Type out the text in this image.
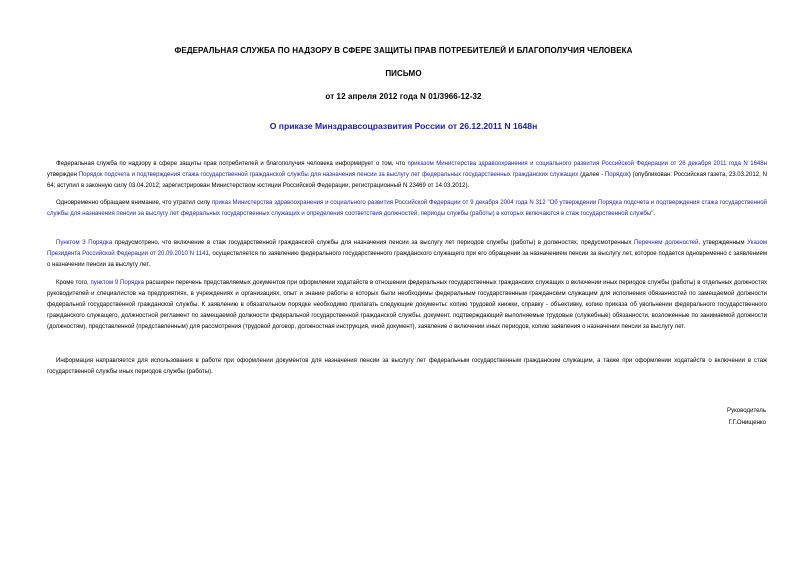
ФЕДЕРАЛЬНАЯ СЛУЖБА ПО НАДЗОРУ В СФЕРЕ ЗАЩИТЫ ПРАВ ПОТРЕБИТЕЛЕЙ И БЛАГОПОЛУЧИЯ ЧЕЛОВЕКА
ПИСЬМО
от 12 апреля 2012 года N 01/3966-12-32
О приказе Минздравсоцразвития России от 26.12.2011 N 1648н
Федеральная служба по надзору в сфере защиты прав потребителей и благополучия человека информирует о том, что приказом Министерства здравоохранения и социального развития Российской Федерации от 26 декабря 2011 года N 1648н утвержден Порядок подсчета и подтверждения стажа государственной гражданской службы для назначения пенсии за выслугу лет федеральных государственных гражданских служащих (далее - Порядок) (опубликован: Российская газета, 23.03.2012, N 64; вступил в законную силу 03.04.2012; зарегистрирован Министерством юстиции Российской Федерации, регистрационный N 23469 от 14.03.2012).
Одновременно обращаем внимание, что утратил силу приказ Министерства здравоохранения и социального развития Российской Федерации от 9 декабря 2004 года N 312 "Об утверждении Порядка подсчета и подтверждения стажа государственной службы для назначения пенсии за выслугу лет федеральных государственных служащих и определения соответствия должностей, периоды службы (работы) в которых включаются в стаж государственной службы".
Пунктом 3 Порядка предусмотрено, что включение в стаж государственной гражданской службы для назначения пенсии за выслугу лет периодов службы (работы) в должностях, предусмотренных Перечнем должностей, утвержденным Указом Президента Российской Федерации от 20.09.2010 N 1141, осуществляется по заявлению федерального государственного гражданского служащего при его обращении за назначением пенсии за выслугу лет, которое подается одновременно с заявлением о назначении пенсии за выслугу лет.
Кроме того, пунктом 9 Порядка расширен перечень представляемых документов при оформлении ходатайств в отношении федеральных государственных гражданских служащих о включении иных периодов службы (работы) в отдельных должностях руководителей и специалистов на предприятиях, в учреждениях и организациях, опыт и знание работы в которых были необходимы федеральным государственным гражданским служащим для исполнения обязанностей по замещаемой должности федеральной государственной гражданской службы. К заявлению в обязательном порядке необходимо прилагать следующие документы: копию трудовой книжки, справку - объективку, копию приказа об увольнении федерального государственного гражданского служащего, должностной регламент по замещаемой должности федеральной государственной гражданской службы, документ, подтверждающий выполняемые трудовые (служебные) обязанности, возложенные по занимаемой должности (должностям), представленной (представленным) для рассмотрения (трудовой договор, должностная инструкция, иной документ), заявление о включении иных периодов, копию заявления о назначении пенсии за выслугу лет.
Информация направляется для использования в работе при оформлении документов для назначения пенсии за выслугу лет федеральным государственным гражданским служащим, а также при оформлении ходатайств о включении в стаж государственной службы иных периодов службы (работы).
Руководитель
Г.Г.Онищенко
